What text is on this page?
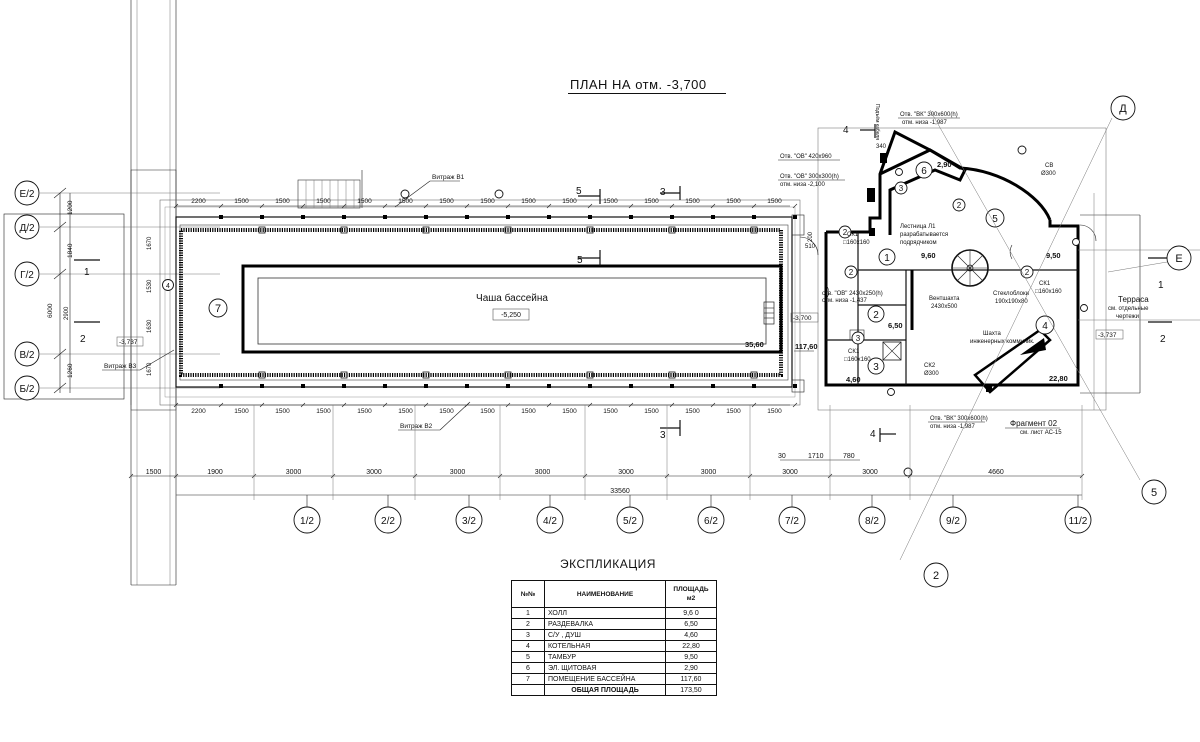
ПЛАН НА отм. -3,700
Чаша бассейна
-5,250
35,60	117,60
2200	1500	1500	1500	1500	1500	1500	1500	1500	1500	1500	1500	1500	1500	1500
2200	1500	1500	1500	1500	1500	1500	1500	1500	1500	1500	1500	1500	1500	1500
Витраж В1
Витраж В2
Витраж В3
1200
1840
6000 2900
1260
1670
1630
1670
1530
-3,737
-3,700
-3,737
4
7
Е/2
Д/2
Г/2
В/2
Б/2
1
2
1
2
3
3
5
5
4
4
1
5
4
2
3
6
2	2
2
3
3
2
9,60	9,50
6,50
4,60	22,80
2,90
Отв. "ВК" 300х600(h)
отм. низа -1,987
Отв. "ОВ" 420х960
Отв. "ОВ" 300х300(h)
отм. низа -2,100
отв. "ОВ" 2430х250(h)
отм. низа -1,437
Отв. "ВК" 300х600(h)
отм. низа -1,987
Лестница Л1
разрабатывается
подрядчиком
Вентшахта
2430х500
Стеклоблоки
190х190х80
Шахта
инженерных коммуник.
Фрагмент 02
см. лист АС-15
Терраса
см. отдельные
чертежи
СК1
□160х160
СК1
□160х160
СК2
Ø300
СК1
□160х160
СВ
Ø300
Подъём кабеля
510
200
340
Д
Е
2
5
1500	1900	3000	3000	3000	3000	3000	3000	3000	3000	4660
1/2	2/2	3/2	4/2	5/2	6/2	7/2	8/2	9/2	11/2
30	1710	780
33560
ЭКСПЛИКАЦИЯ
№№	НАИМЕНОВАНИЕ	ПЛОЩАДЬ м2
1	ХОЛЛ	9,6 0
2	РАЗДЕВАЛКА	6,50
3	С/У , ДУШ	4,60
4	КОТЕЛЬНАЯ	22,80
5	ТАМБУР	9,50
6	ЭЛ. ЩИТОВАЯ	2,90
7	ПОМЕЩЕНИЕ БАССЕЙНА	117,60
	ОБЩАЯ ПЛОЩАДЬ	173,50
